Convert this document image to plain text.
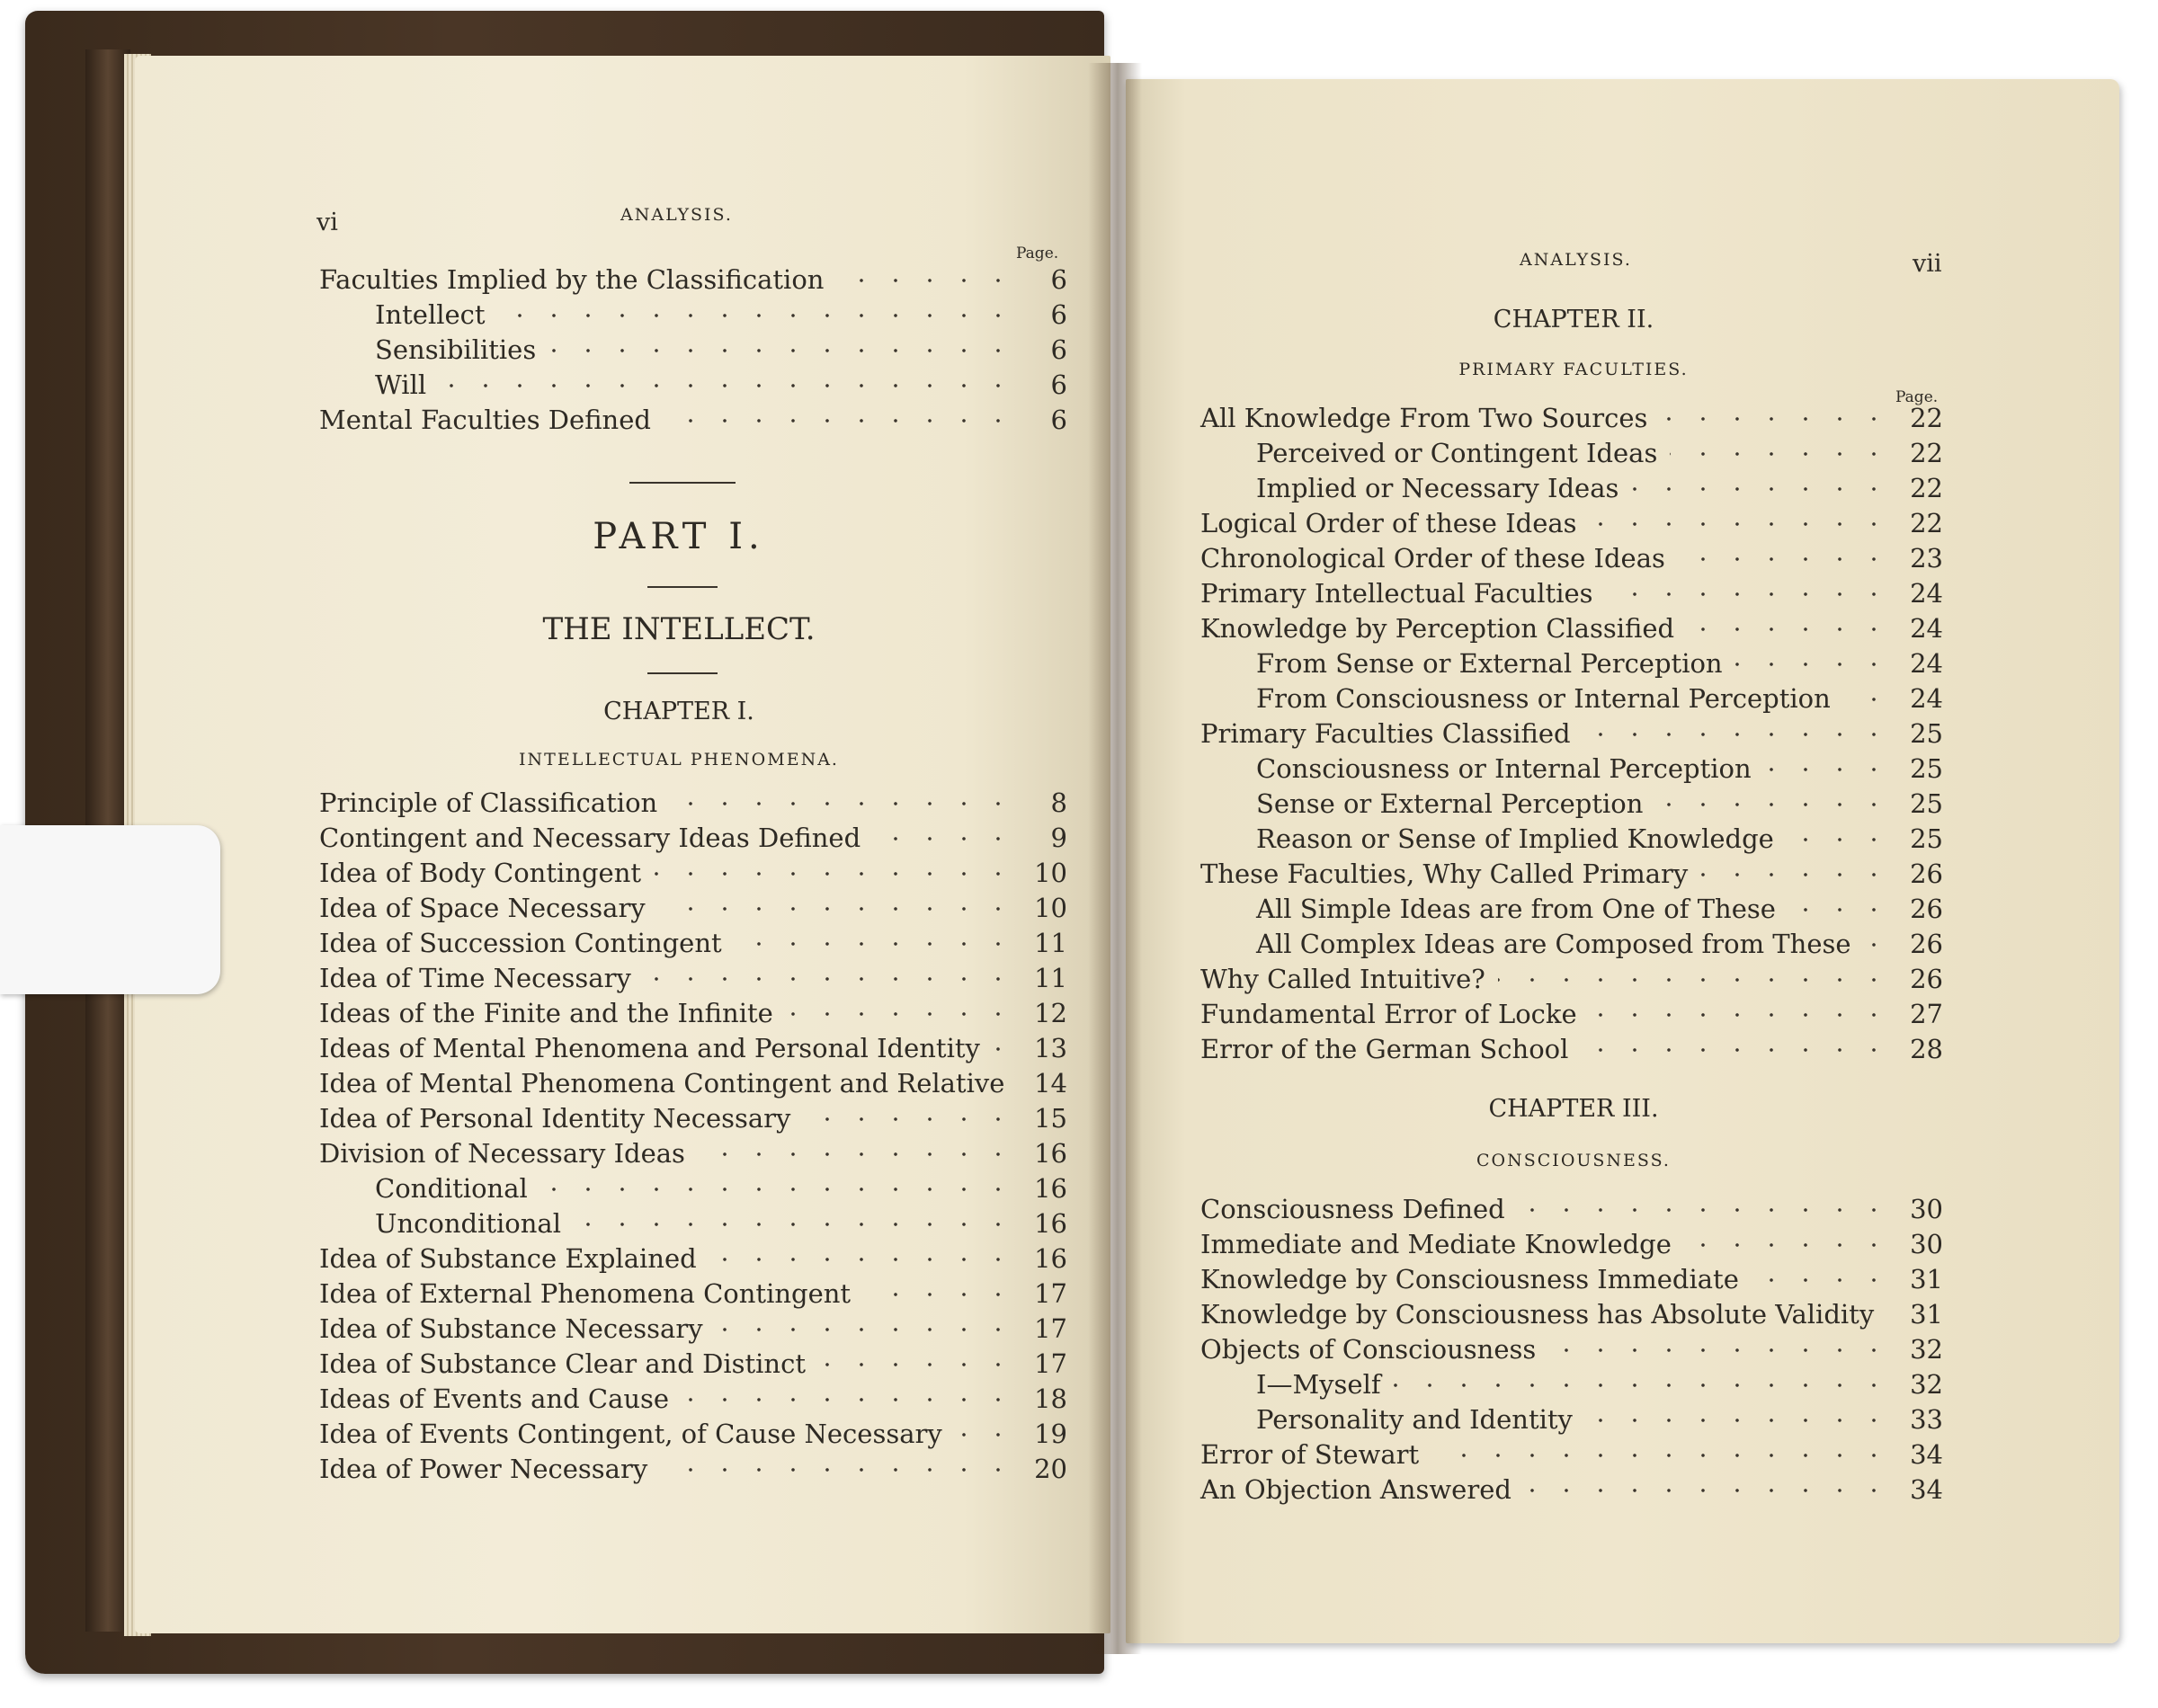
vi	ANALYSIS.
Page.
Faculties Implied by the Classification	6
Intellect	6
Sensibilities	6
Will	6
Mental Faculties Defined	6
PART I.
THE INTELLECT.
CHAPTER I.
INTELLECTUAL PHENOMENA.
Principle of Classification	8
Contingent and Necessary Ideas Defined	9
Idea of Body Contingent	10
Idea of Space Necessary	10
Idea of Succession Contingent	11
Idea of Time Necessary	11
Ideas of the Finite and the Infinite	12
Ideas of Mental Phenomena and Personal Identity 13
Idea of Mental Phenomena Contingent and Relative 14
Idea of Personal Identity Necessary	15
Division of Necessary Ideas	16
Conditional	16
Unconditional	16
Idea of Substance Explained	16
Idea of External Phenomena Contingent	17
Idea of Substance Necessary	17
Idea of Substance Clear and Distinct	17
Ideas of Events and Cause	18
Idea of Events Contingent, of Cause Necessary	19
Idea of Power Necessary	20
ANALYSIS.	vii
CHAPTER II.
PRIMARY FACULTIES.
Page.
All Knowledge From Two Sources	22
Perceived or Contingent Ideas	22
Implied or Necessary Ideas	22
Logical Order of these Ideas	22
Chronological Order of these Ideas	23
Primary Intellectual Faculties	24
Knowledge by Perception Classified	24
From Sense or External Perception	24
From Consciousness or Internal Perception	24
Primary Faculties Classified	25
Consciousness or Internal Perception	25
Sense or External Perception	25
Reason or Sense of Implied Knowledge	25
These Faculties, Why Called Primary	26
All Simple Ideas are from One of These	26
All Complex Ideas are Composed from These 26
Why Called Intuitive?	26
Fundamental Error of Locke	27
Error of the German School	28
CHAPTER III.
CONSCIOUSNESS.
Consciousness Defined	30
Immediate and Mediate Knowledge	30
Knowledge by Consciousness Immediate	31
Knowledge by Consciousness has Absolute Validity 31
Objects of Consciousness	32
I—Myself	32
Personality and Identity	33
Error of Stewart	34
An Objection Answered	34
